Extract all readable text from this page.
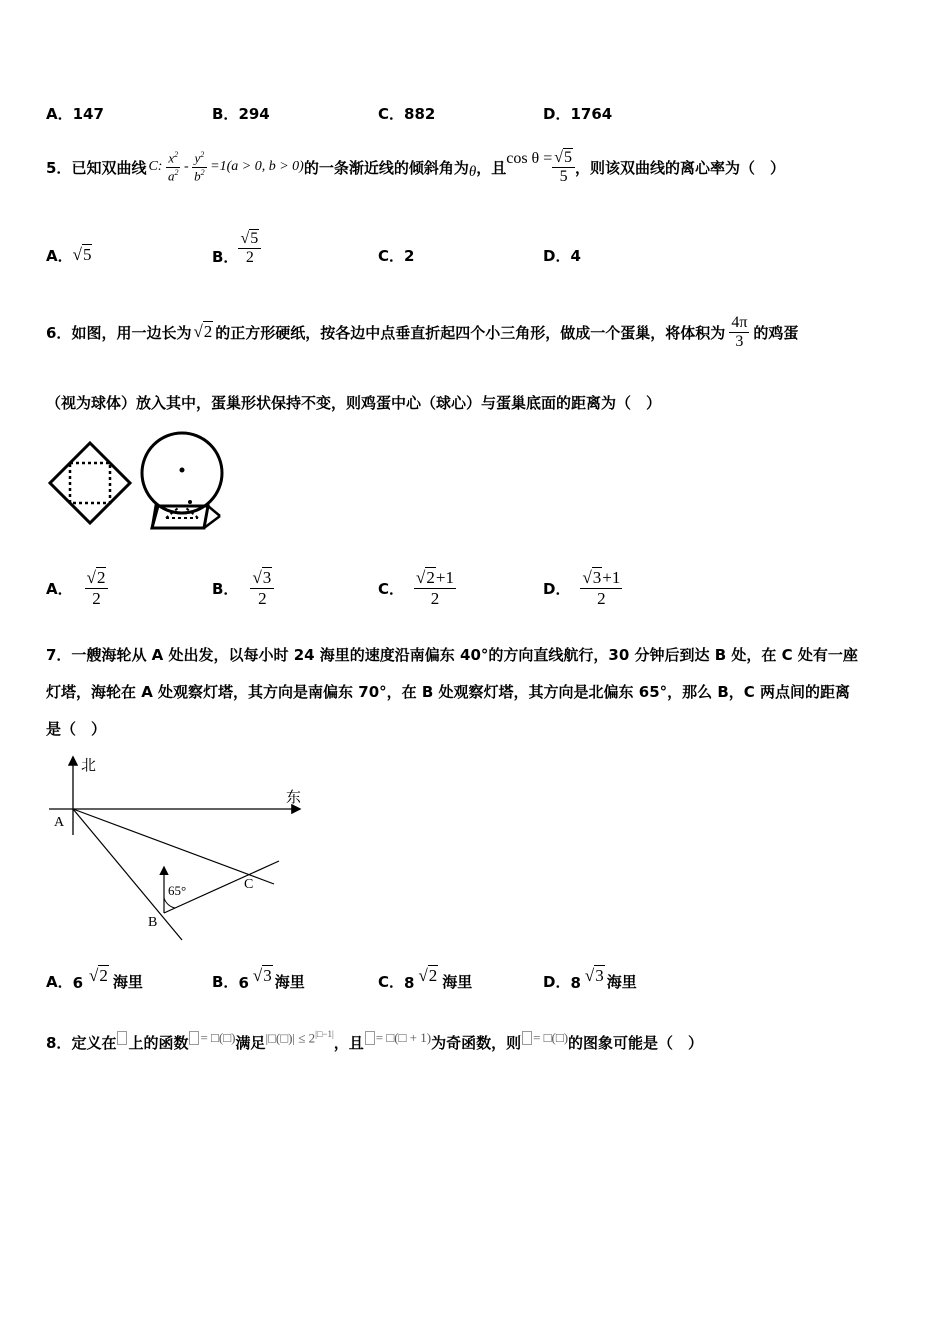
A．147	B．294	C．882	D．1764
5． 已知双曲线 C: $\frac{x^2}{a^2} - \frac{y^2}{b^2} =1(a > 0$, b > 0) 的一条渐近线的倾斜角为 θ ，且 $\cos \theta = \frac{√5}{5}$ ，则该双曲线的离心率为（　）
A． √5	B． $\frac{√5}{2}$	C．2	D．4
6． 如图，用一边长为 √2 的正方形硬纸，按各边中点垂直折起四个小三角形，做成一个蛋巢，将体积为 $\frac{4\pi}{3}$ 的鸡蛋
（视为球体）放入其中，蛋巢形状保持不变，则鸡蛋中心（球心）与蛋巢底面的距离为（　）
A． $\frac{√2}{2}$	B． $\frac{√3}{2}$	C． $\frac{√2+1}{2}$	D． $\frac{√3+1}{2}$
7．一艘海轮从 A 处出发，以每小时 24 海里的速度沿南偏东 40°的方向直线航行，30 分钟后到达 B 处，在 C 处有一座
灯塔，海轮在 A 处观察灯塔，其方向是南偏东 70°，在 B 处观察灯塔，其方向是北偏东 65°，那么 B，C 两点间的距离
是（　）
北
东
A
65°
B
C
A． 6 √2 海里	B． 6 √3 海里	C． 8 √2 海里	D． 8 √3 海里
8． 定义在 上的函数 = □(□) 满足 |□(□)| ≤ $2^{|□-1|}$ ，且 = □(□ + 1) 为奇函数，则 = □(□) 的图象可能是（　）
